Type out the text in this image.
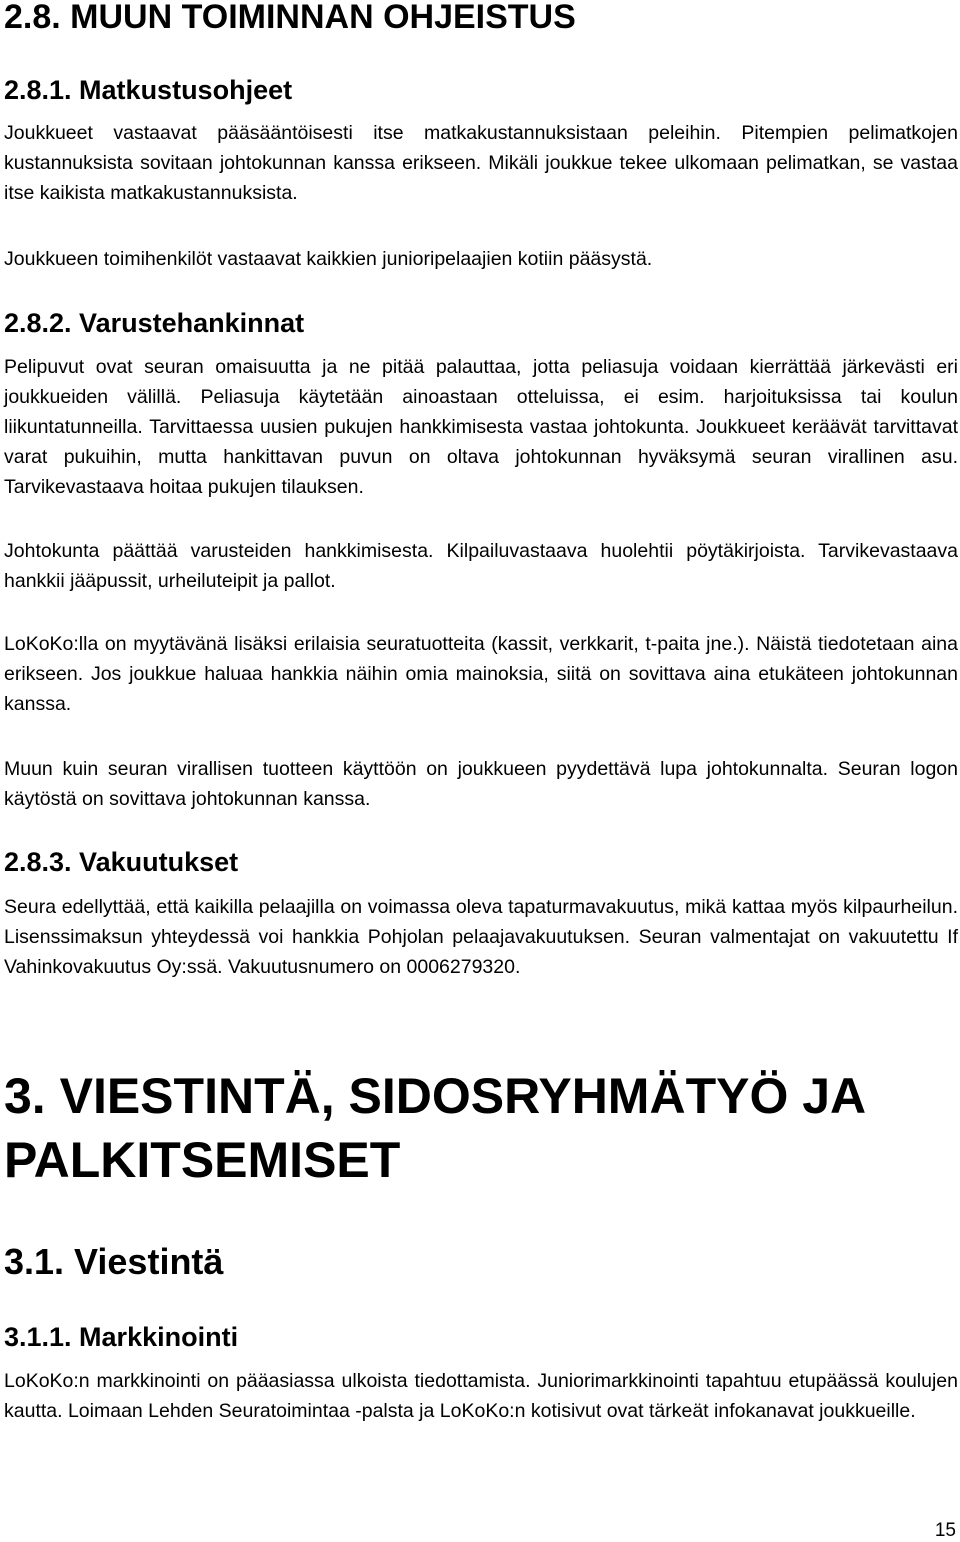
2.8. MUUN TOIMINNAN OHJEISTUS
2.8.1. Matkustusohjeet

Joukkueet vastaavat pääsääntöisesti itse matkakustannuksistaan peleihin. Pitempien pelimatkojen kustannuksista sovitaan johtokunnan kanssa erikseen. Mikäli joukkue tekee ulkomaan pelimatkan, se vastaa itse kaikista matkakustannuksista.

Joukkueen toimihenkilöt vastaavat kaikkien junioripelaajien kotiin pääsystä.

2.8.2. Varustehankinnat

Pelipuvut ovat seuran omaisuutta ja ne pitää palauttaa, jotta peliasuja voidaan kierrättää järkevästi eri joukkueiden välillä. Peliasuja käytetään ainoastaan otteluissa, ei esim. harjoituksissa tai koulun liikuntatunneilla. Tarvittaessa uusien pukujen hankkimisesta vastaa johtokunta. Joukkueet keräävät tarvittavat varat pukuihin, mutta hankittavan puvun on oltava johtokunnan hyväksymä seuran virallinen asu. Tarvikevastaava hoitaa pukujen tilauksen.

Johtokunta päättää varusteiden hankkimisesta. Kilpailuvastaava huolehtii pöytäkirjoista. Tarvikevastaava hankkii jääpussit, urheiluteipit ja pallot.

LoKoKo:lla on myytävänä lisäksi erilaisia seuratuotteita (kassit, verkkarit, t-paita jne.). Näistä tiedotetaan aina erikseen. Jos joukkue haluaa hankkia näihin omia mainoksia, siitä on sovittava aina etukäteen johtokunnan kanssa.

Muun kuin seuran virallisen tuotteen käyttöön on joukkueen pyydettävä lupa johtokunnalta. Seuran logon käytöstä on sovittava johtokunnan kanssa.

2.8.3. Vakuutukset

Seura edellyttää, että kaikilla pelaajilla on voimassa oleva tapaturmavakuutus, mikä kattaa myös kilpaurheilun. Lisenssimaksun yhteydessä voi hankkia Pohjolan pelaajavakuutuksen. Seuran valmentajat on vakuutettu If Vahinkovakuutus Oy:ssä. Vakuutusnumero on 0006279320.

3. VIESTINTÄ, SIDOSRYHMÄTYÖ JA PALKITSEMISET
3.1. Viestintä
3.1.1. Markkinointi

LoKoKo:n markkinointi on pääasiassa ulkoista tiedottamista. Juniorimarkkinointi tapahtuu etupäässä koulujen kautta. Loimaan Lehden Seuratoimintaa -palsta ja LoKoKo:n kotisivut ovat tärkeät infokanavat joukkueille.

15
